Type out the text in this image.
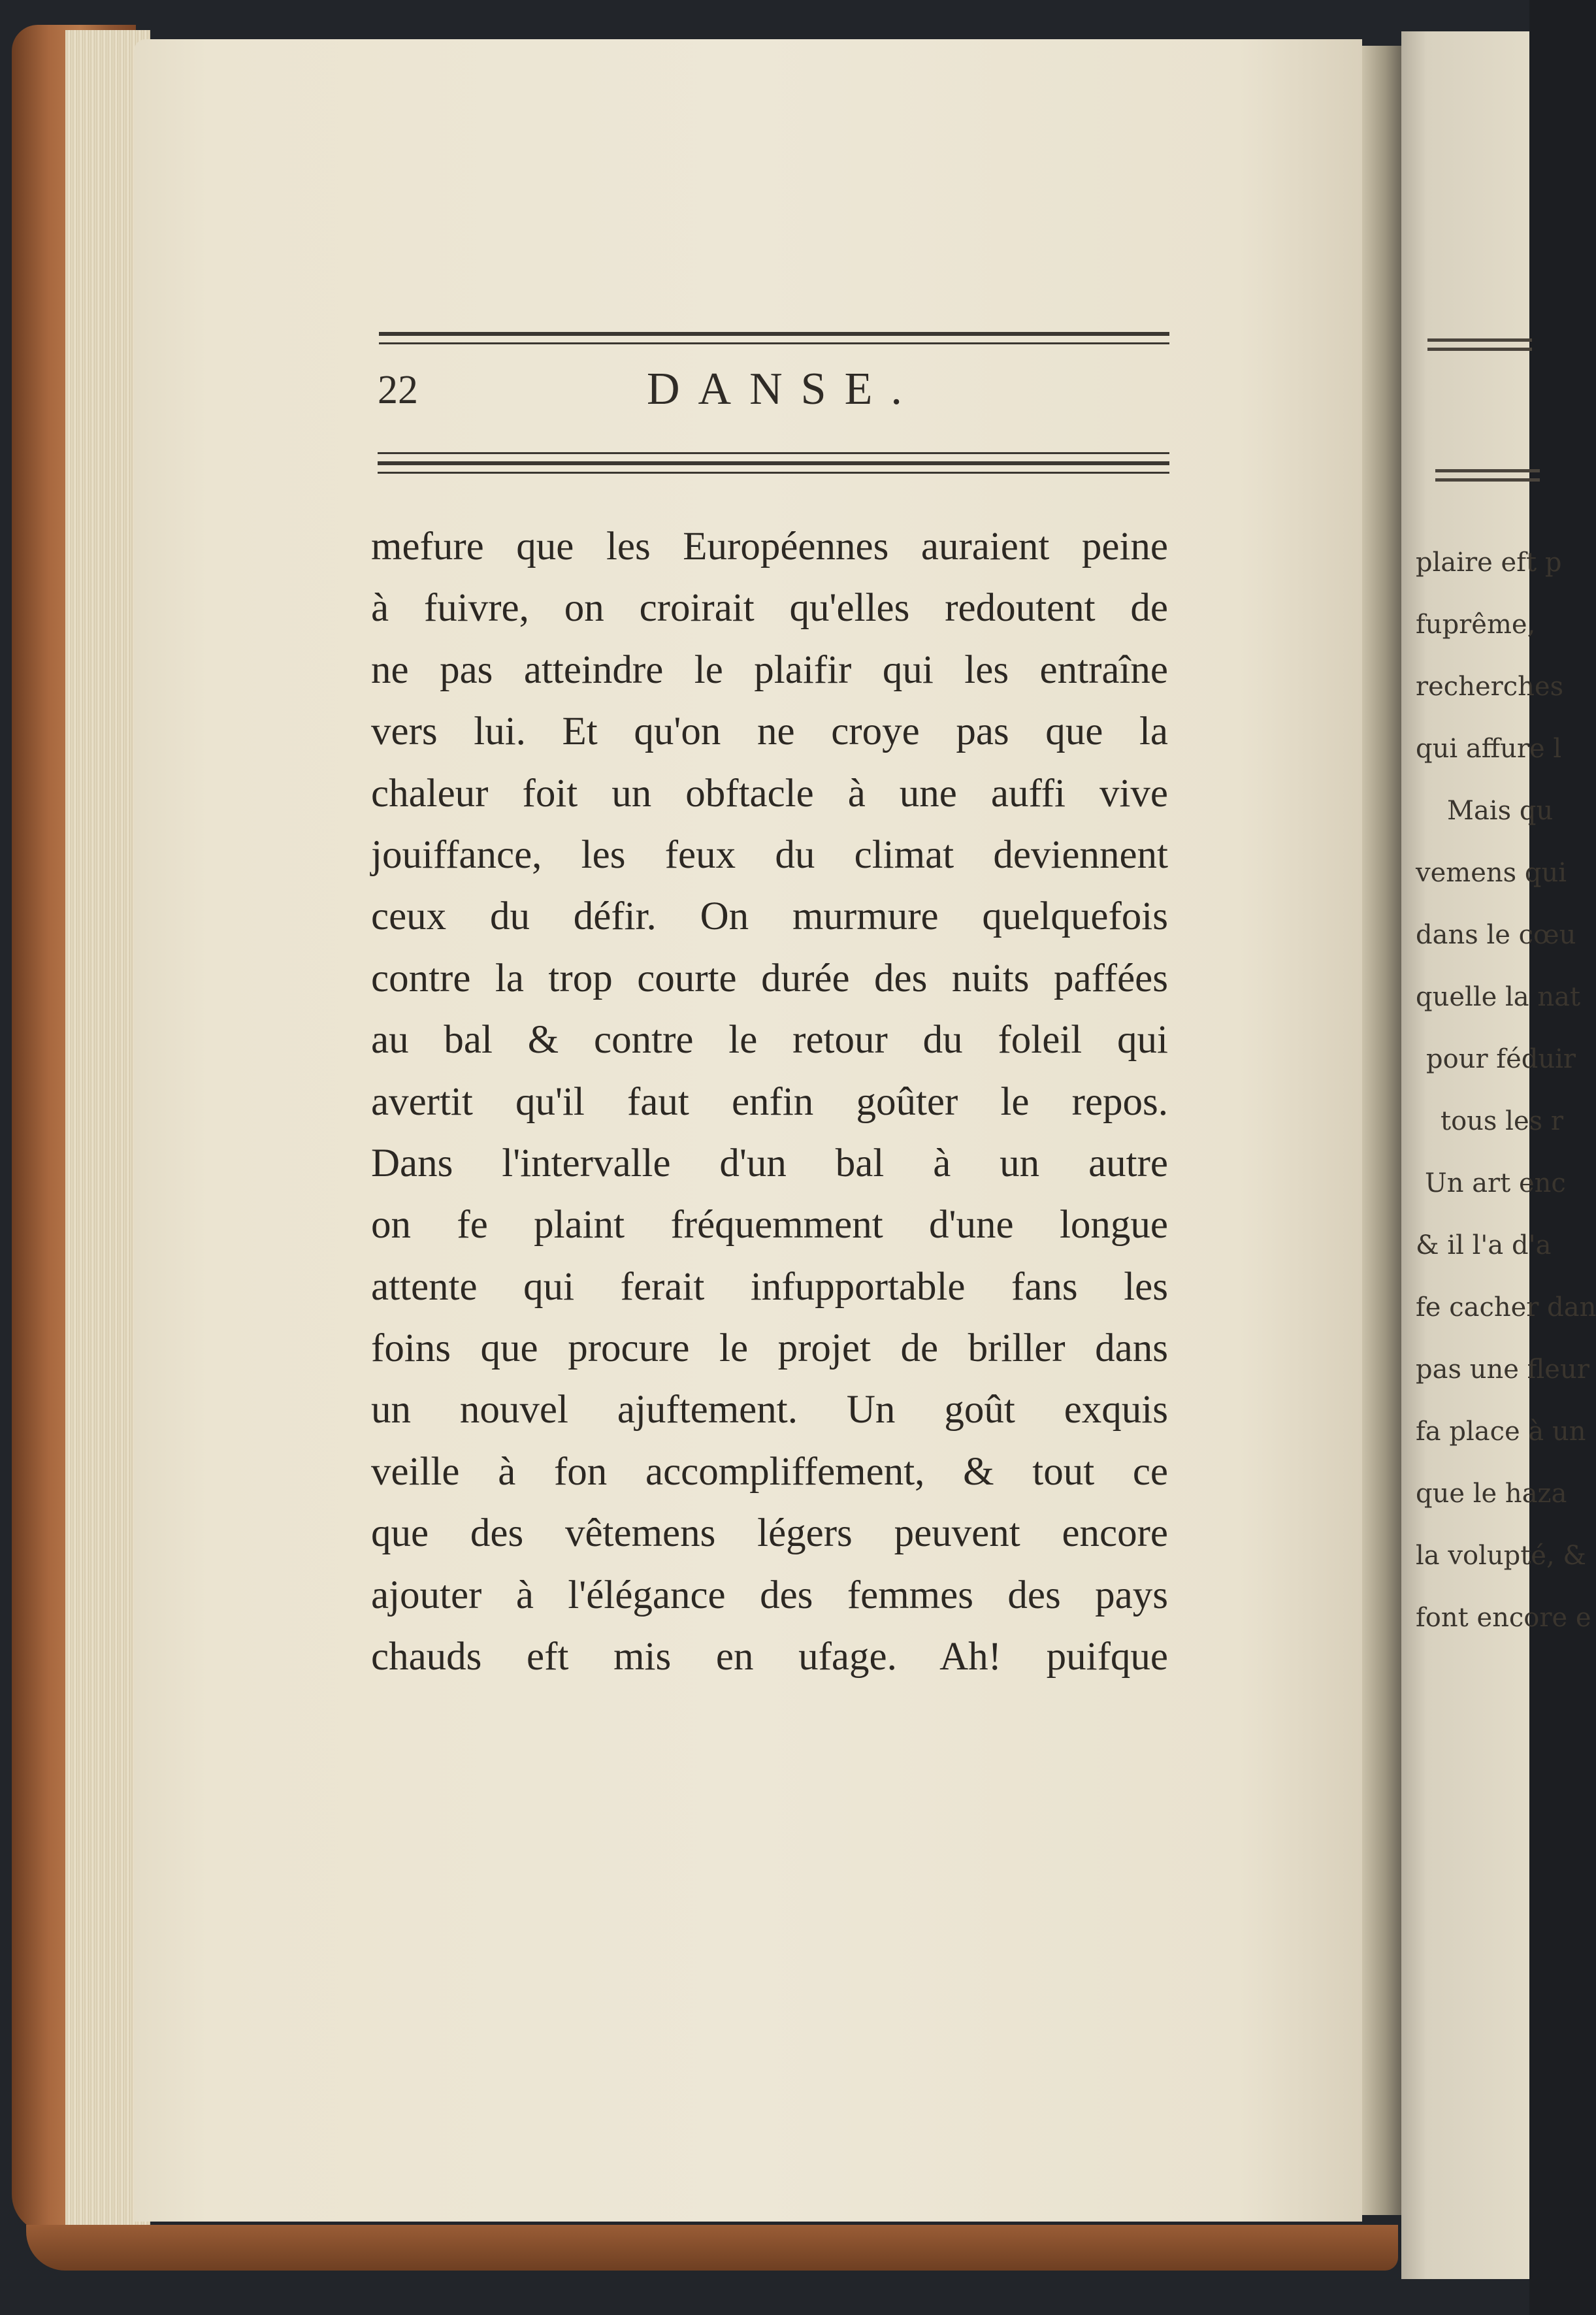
22	DANSE.
mefure que les Européennes auraient peine
à fuivre, on croirait qu'elles redoutent de
ne pas atteindre le plaifir qui les entraîne
vers lui. Et qu'on ne croye pas que la
chaleur foit un obftacle à une auffi vive
jouiffance, les feux du climat deviennent
ceux du défir. On murmure quelquefois
contre la trop courte durée des nuits paffées
au bal & contre le retour du foleil qui
avertit qu'il faut enfin goûter le repos.
Dans l'intervalle d'un bal à un autre
on fe plaint fréquemment d'une longue
attente qui ferait infupportable fans les
foins que procure le projet de briller dans
un nouvel ajuftement. Un goût exquis
veille à fon accompliffement, & tout ce
que des vêtemens légers peuvent encore
ajouter à l'élégance des femmes des pays
chauds eft mis en ufage. Ah! puifque
plaire eft p
fuprême,
recherches
qui affure l
Mais qu
vemens qui
dans le cœu
quelle la nat
pour féduir
tous les r
Un art enc
& il l'a d'a
fe cacher dan
pas une fleur
fa place à un
que le haza
la volupté, &
font encore e
